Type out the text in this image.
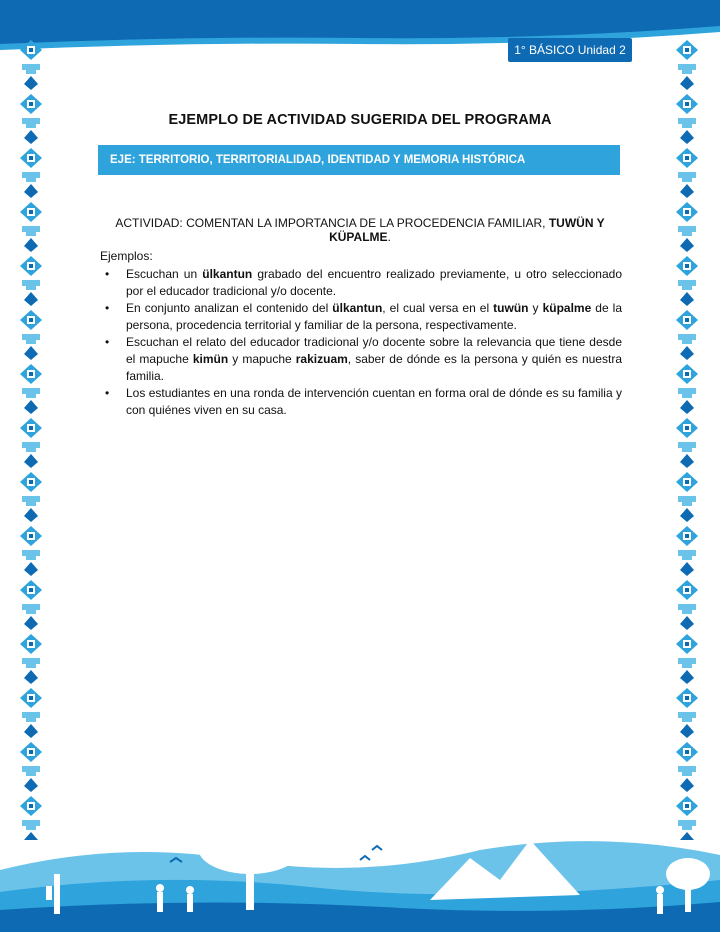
1° BÁSICO Unidad 2
EJEMPLO DE ACTIVIDAD SUGERIDA DEL PROGRAMA
EJE: TERRITORIO, TERRITORIALIDAD, IDENTIDAD Y MEMORIA HISTÓRICA
ACTIVIDAD: COMENTAN LA IMPORTANCIA DE LA PROCEDENCIA FAMILIAR, TUWÜN Y KÜPALME.
Ejemplos:
• Escuchan un ülkantun grabado del encuentro realizado previamente, u otro seleccionado por el educador tradicional y/o docente.
• En conjunto analizan el contenido del ülkantun, el cual versa en el tuwün y küpalme de la persona, procedencia territorial y familiar de la persona, respectivamente.
• Escuchan el relato del educador tradicional y/o docente sobre la relevancia que tiene desde el mapuche kimün y mapuche rakizuam, saber de dónde es la persona y quién es nuestra familia.
• Los estudiantes en una ronda de intervención cuentan en forma oral de dónde es su familia y con quiénes viven en su casa.
